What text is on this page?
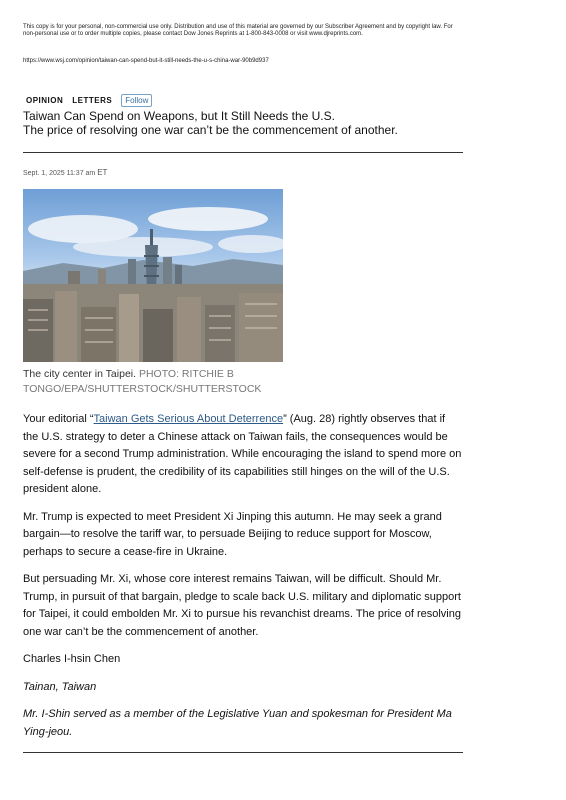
This copy is for your personal, non-commercial use only. Distribution and use of this material are governed by our Subscriber Agreement and by copyright law. For non-personal use or to order multiple copies, please contact Dow Jones Reprints at 1-800-843-0008 or visit www.djreprints.com.
https://www.wsj.com/opinion/taiwan-can-spend-but-it-still-needs-the-u-s-china-war-90b9d937
OPINION LETTERS	Follow
Taiwan Can Spend on Weapons, but It Still Needs the U.S.
The price of resolving one war can’t be the commencement of another.
Sept. 1, 2025 11:37 am ET
The city center in Taipei. PHOTO: RITCHIE B TONGO/EPA/SHUTTERSTOCK/SHUTTERSTOCK

Your editorial “Taiwan Gets Serious About Deterrence” (Aug. 28) rightly observes that if the U.S. strategy to deter a Chinese attack on Taiwan fails, the consequences would be severe for a second Trump administration. While encouraging the island to spend more on self-defense is prudent, the credibility of its capabilities still hinges on the will of the U.S. president alone.

Mr. Trump is expected to meet President Xi Jinping this autumn. He may seek a grand bargain—to resolve the tariff war, to persuade Beijing to reduce support for Moscow, perhaps to secure a cease-fire in Ukraine.

But persuading Mr. Xi, whose core interest remains Taiwan, will be difficult. Should Mr. Trump, in pursuit of that bargain, pledge to scale back U.S. military and diplomatic support for Taipei, it could embolden Mr. Xi to pursue his revanchist dreams. The price of resolving one war can’t be the commencement of another.

Charles I-hsin Chen

Tainan, Taiwan

Mr. I-Shin served as a member of the Legislative Yuan and spokesman for President Ma Ying-jeou.
